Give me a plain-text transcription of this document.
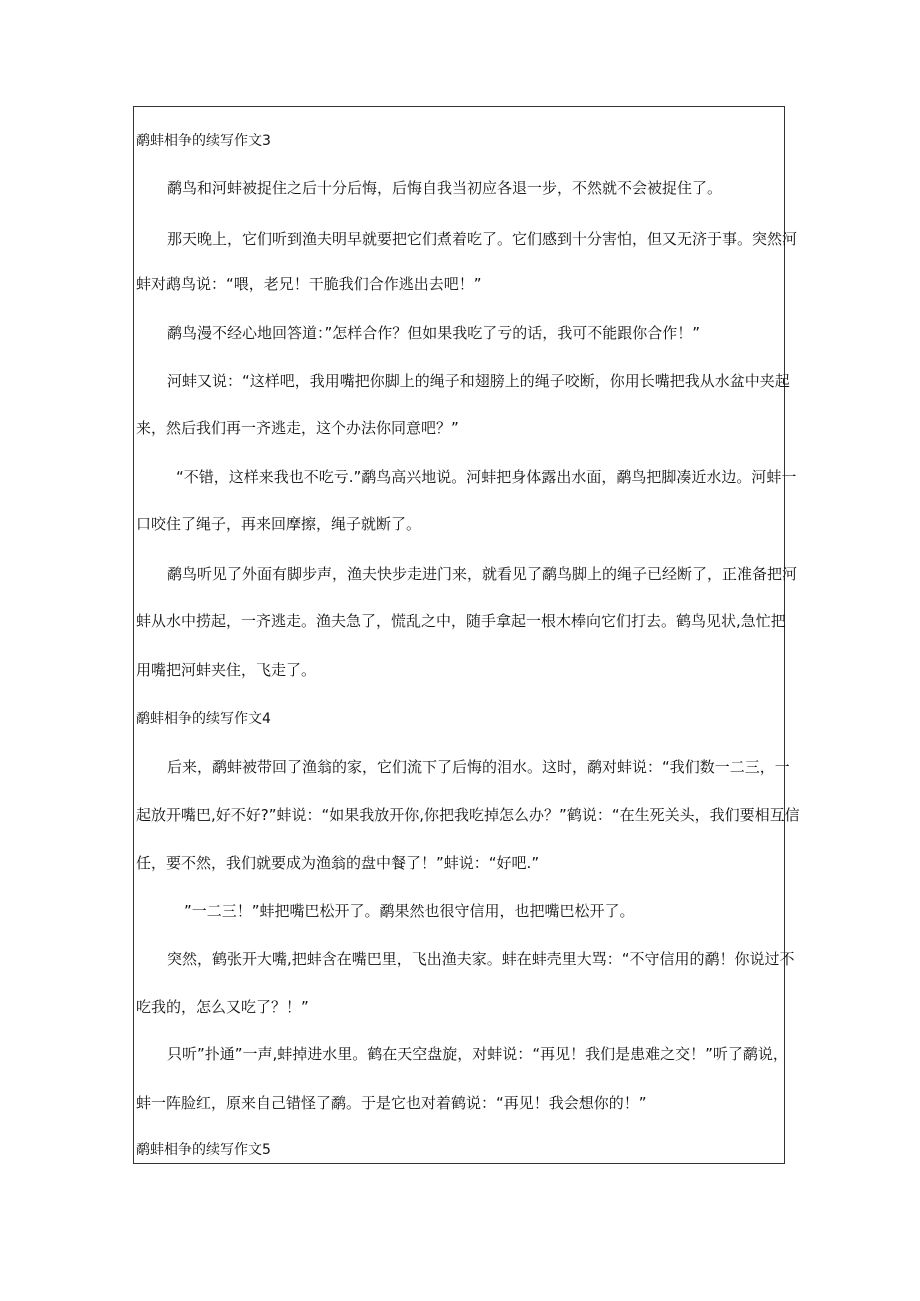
鹬蚌相争的续写作文3
鹬鸟和河蚌被捉住之后十分后悔，后悔自我当初应各退一步，不然就不会被捉住了。
那天晚上，它们听到渔夫明早就要把它们煮着吃了。它们感到十分害怕，但又无济于事。突然河
蚌对鹉鸟说：“喂，老兄！干脆我们合作逃出去吧！”
鹬鸟漫不经心地回答道：”怎样合作？但如果我吃了亏的话，我可不能跟你合作！”
河蚌又说：“这样吧，我用嘴把你脚上的绳子和翅膀上的绳子咬断，你用长嘴把我从水盆中夹起
来，然后我们再一齐逃走，这个办法你同意吧？”
“不错，这样来我也不吃亏.”鹬鸟高兴地说。河蚌把身体露出水面，鹬鸟把脚凑近水边。河蚌一
口咬住了绳子，再来回摩擦，绳子就断了。
鹬鸟听见了外面有脚步声，渔夫快步走进门来，就看见了鹬鸟脚上的绳子已经断了，正准备把河
蚌从水中捞起，一齐逃走。渔夫急了，慌乱之中，随手拿起一根木棒向它们打去。鹤鸟见状,急忙把
用嘴把河蚌夹住，飞走了。
鹬蚌相争的续写作文4
后来，鹬蚌被带回了渔翁的家，它们流下了后悔的泪水。这时，鹬对蚌说：“我们数一二三，一
起放开嘴巴,好不好?”蚌说：“如果我放开你,你把我吃掉怎么办？”鹤说：“在生死关头，我们要相互信
任，要不然，我们就要成为渔翁的盘中餐了！”蚌说：“好吧.”
”一二三！”蚌把嘴巴松开了。鹬果然也很守信用，也把嘴巴松开了。
突然，鹤张开大嘴,把蚌含在嘴巴里，飞出渔夫家。蚌在蚌壳里大骂：“不守信用的鹬！你说过不
吃我的，怎么又吃了？！”
只听”扑通”一声,蚌掉进水里。鹤在天空盘旋，对蚌说：“再见！我们是患难之交！”听了鹬说，
蚌一阵脸红，原来自己错怪了鹬。于是它也对着鹤说：“再见！我会想你的！”
鹬蚌相争的续写作文5
